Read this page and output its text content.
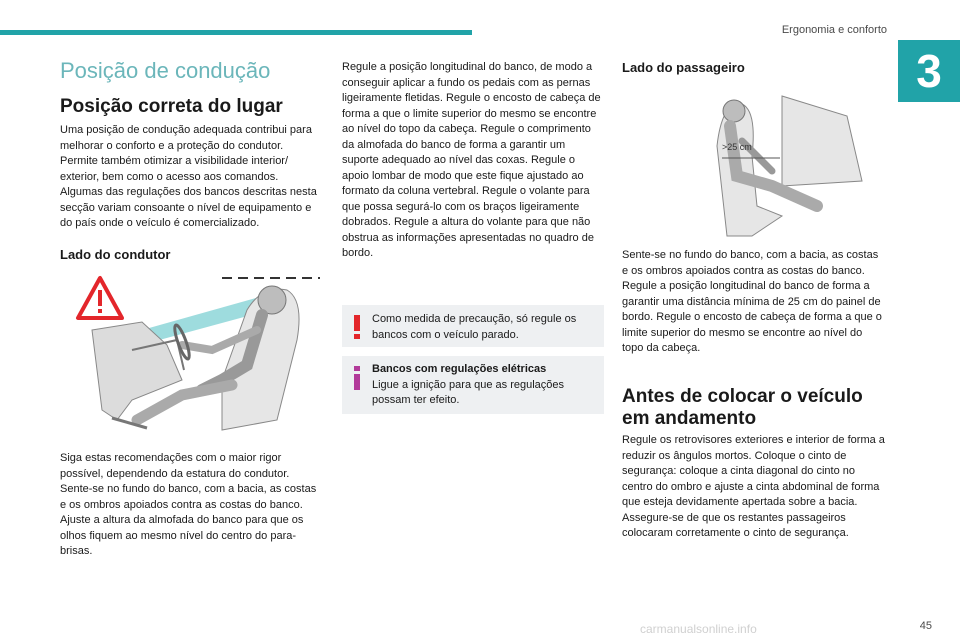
Ergonomia e conforto
3
Posição de condução
Posição correta do lugar

Uma posição de condução adequada contribui para melhorar o conforto e a proteção do condutor. Permite também otimizar a visibilidade interior/ exterior, bem como o acesso aos comandos. Algumas das regulações dos bancos descritas nesta secção variam consoante o nível de equipamento e do país onde o veículo é comercializado.

Lado do condutor

Siga estas recomendações com o maior rigor possível, dependendo da estatura do condutor. Sente-se no fundo do banco, com a bacia, as costas e os ombros apoiados contra as costas do banco. Ajuste a altura da almofada do banco para que os olhos fiquem ao mesmo nível do centro do para-brisas.

Regule a posição longitudinal do banco, de modo a conseguir aplicar a fundo os pedais com as pernas ligeiramente fletidas. Regule o encosto de cabeça de forma a que o limite superior do mesmo se encontre ao nível do topo da cabeça. Regule o comprimento da almofada do banco de forma a garantir um suporte adequado ao nível das coxas. Regule o apoio lombar de modo que este fique ajustado ao formato da coluna vertebral. Regule o volante para que possa segurá-lo com os braços ligeiramente dobrados. Regule a altura do volante para que não obstrua as informações apresentadas no quadro de bordo.

Como medida de precaução, só regule os bancos com o veículo parado.
Bancos com regulações elétricas
Ligue a ignição para que as regulações possam ter efeito.
Lado do passageiro
>25 cm

Sente-se no fundo do banco, com a bacia, as costas e os ombros apoiados contra as costas do banco. Regule a posição longitudinal do banco de forma a garantir uma distância mínima de 25 cm do painel de bordo. Regule o encosto de cabeça de forma a que o limite superior do mesmo se encontre ao nível do topo da cabeça.

Antes de colocar o veículo em andamento

Regule os retrovisores exteriores e interior de forma a reduzir os ângulos mortos. Coloque o cinto de segurança: coloque a cinta diagonal do cinto no centro do ombro e ajuste a cinta abdominal de forma que esteja devidamente apertada sobre a bacia. Assegure-se de que os restantes passageiros colocaram corretamente o cinto de segurança.

carmanualsonline.info	45
